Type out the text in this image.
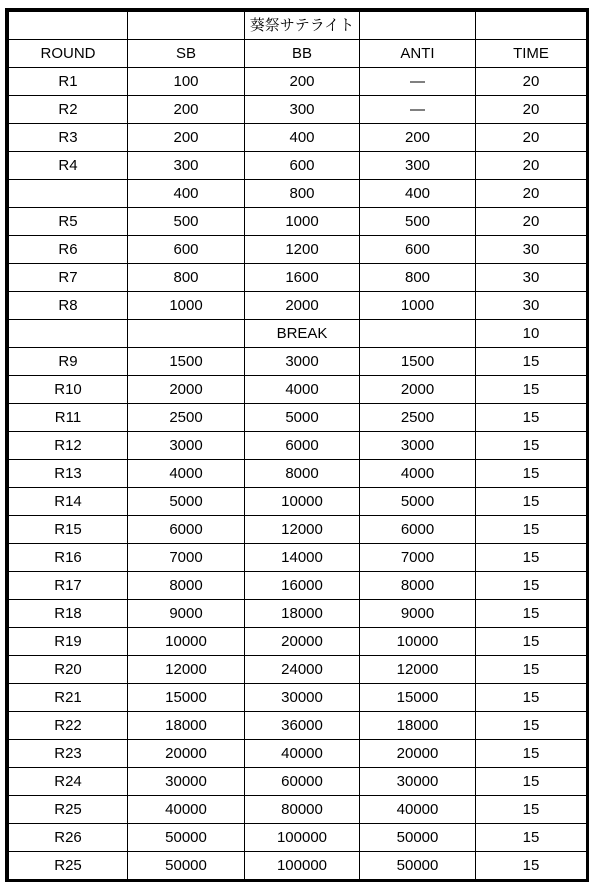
		葵祭サテライト		
ROUND	SB	BB	ANTI	TIME
R1	100	200	―	20
R2	200	300	―	20
R3	200	400	200	20
R4	300	600	300	20
	400	800	400	20
R5	500	1000	500	20
R6	600	1200	600	30
R7	800	1600	800	30
R8	1000	2000	1000	30
		BREAK		10
R9	1500	3000	1500	15
R10	2000	4000	2000	15
R11	2500	5000	2500	15
R12	3000	6000	3000	15
R13	4000	8000	4000	15
R14	5000	10000	5000	15
R15	6000	12000	6000	15
R16	7000	14000	7000	15
R17	8000	16000	8000	15
R18	9000	18000	9000	15
R19	10000	20000	10000	15
R20	12000	24000	12000	15
R21	15000	30000	15000	15
R22	18000	36000	18000	15
R23	20000	40000	20000	15
R24	30000	60000	30000	15
R25	40000	80000	40000	15
R26	50000	100000	50000	15
R25	50000	100000	50000	15
